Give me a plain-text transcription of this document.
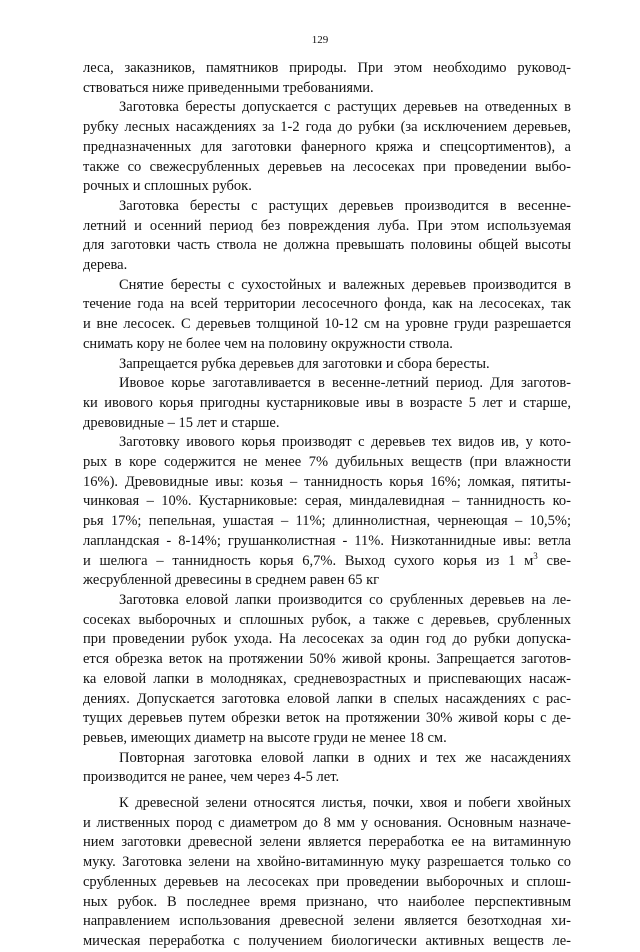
129

леса, заказников, памятников природы. При этом необходимо руковод-

ствоваться ниже приведенными требованиями.

Заготовка бересты допускается с растущих деревьев на отведенных в

рубку лесных насаждениях за 1-2 года до рубки (за исключением деревьев,

предназначенных для заготовки фанерного кряжа и спецсортиментов), а

также со свежесрубленных деревьев на лесосеках при проведении выбо-

рочных и сплошных рубок.

Заготовка бересты с растущих деревьев производится в весенне-

летний и осенний период без повреждения луба. При этом используемая

для заготовки часть ствола не должна превышать половины общей высоты

дерева.

Снятие бересты с сухостойных и валежных деревьев производится в

течение года на всей территории лесосечного фонда, как на лесосеках, так

и вне лесосек. С деревьев толщиной 10-12 см на уровне груди разрешается

снимать кору не более чем на половину окружности ствола.

Запрещается рубка деревьев для заготовки и сбора бересты.

Ивовое корье заготавливается в весенне-летний период. Для заготов-

ки ивового корья пригодны кустарниковые ивы в возрасте 5 лет и старше,

древовидные – 15 лет и старше.

Заготовку ивового корья производят с деревьев тех видов ив, у кото-

рых в коре содержится не менее 7% дубильных веществ (при влажности

16%). Древовидные ивы: козья – таннидность корья 16%; ломкая, пятиты-

чинковая – 10%. Кустарниковые: серая, миндалевидная – таннидность ко-

рья 17%; пепельная, ушастая – 11%; длиннолистная, чернеющая – 10,5%;

лапландская - 8-14%; грушанколистная - 11%. Низкотаннидные ивы: ветла

и шелюга – таннидность корья 6,7%. Выход сухого корья из 1 $м^3$ све-

жесрубленной древесины в среднем равен 65 кг

Заготовка еловой лапки производится со срубленных деревьев на ле-

сосеках выборочных и сплошных рубок, а также с деревьев, срубленных

при проведении рубок ухода. На лесосеках за один год до рубки допуска-

ется обрезка веток на протяжении 50% живой кроны. Запрещается заготов-

ка еловой лапки в молодняках, средневозрастных и приспевающих насаж-

дениях. Допускается заготовка еловой лапки в спелых насаждениях с рас-

тущих деревьев путем обрезки веток на протяжении 30% живой коры с де-

ревьев, имеющих диаметр на высоте груди не менее 18 см.

Повторная заготовка еловой лапки в одних и тех же насаждениях

производится не ранее, чем через 4-5 лет.

К древесной зелени относятся листья, почки, хвоя и побеги хвойных

и лиственных пород с диаметром до 8 мм у основания. Основным назначе-

нием заготовки древесной зелени является переработка ее на витаминную

муку. Заготовка зелени на хвойно-витаминную муку разрешается только со

срубленных деревьев на лесосеках при проведении выборочных и сплош-

ных рубок. В последнее время признано, что наиболее перспективным

направлением использования древесной зелени является безотходная хи-

мическая переработка с получением биологически активных веществ ле-
